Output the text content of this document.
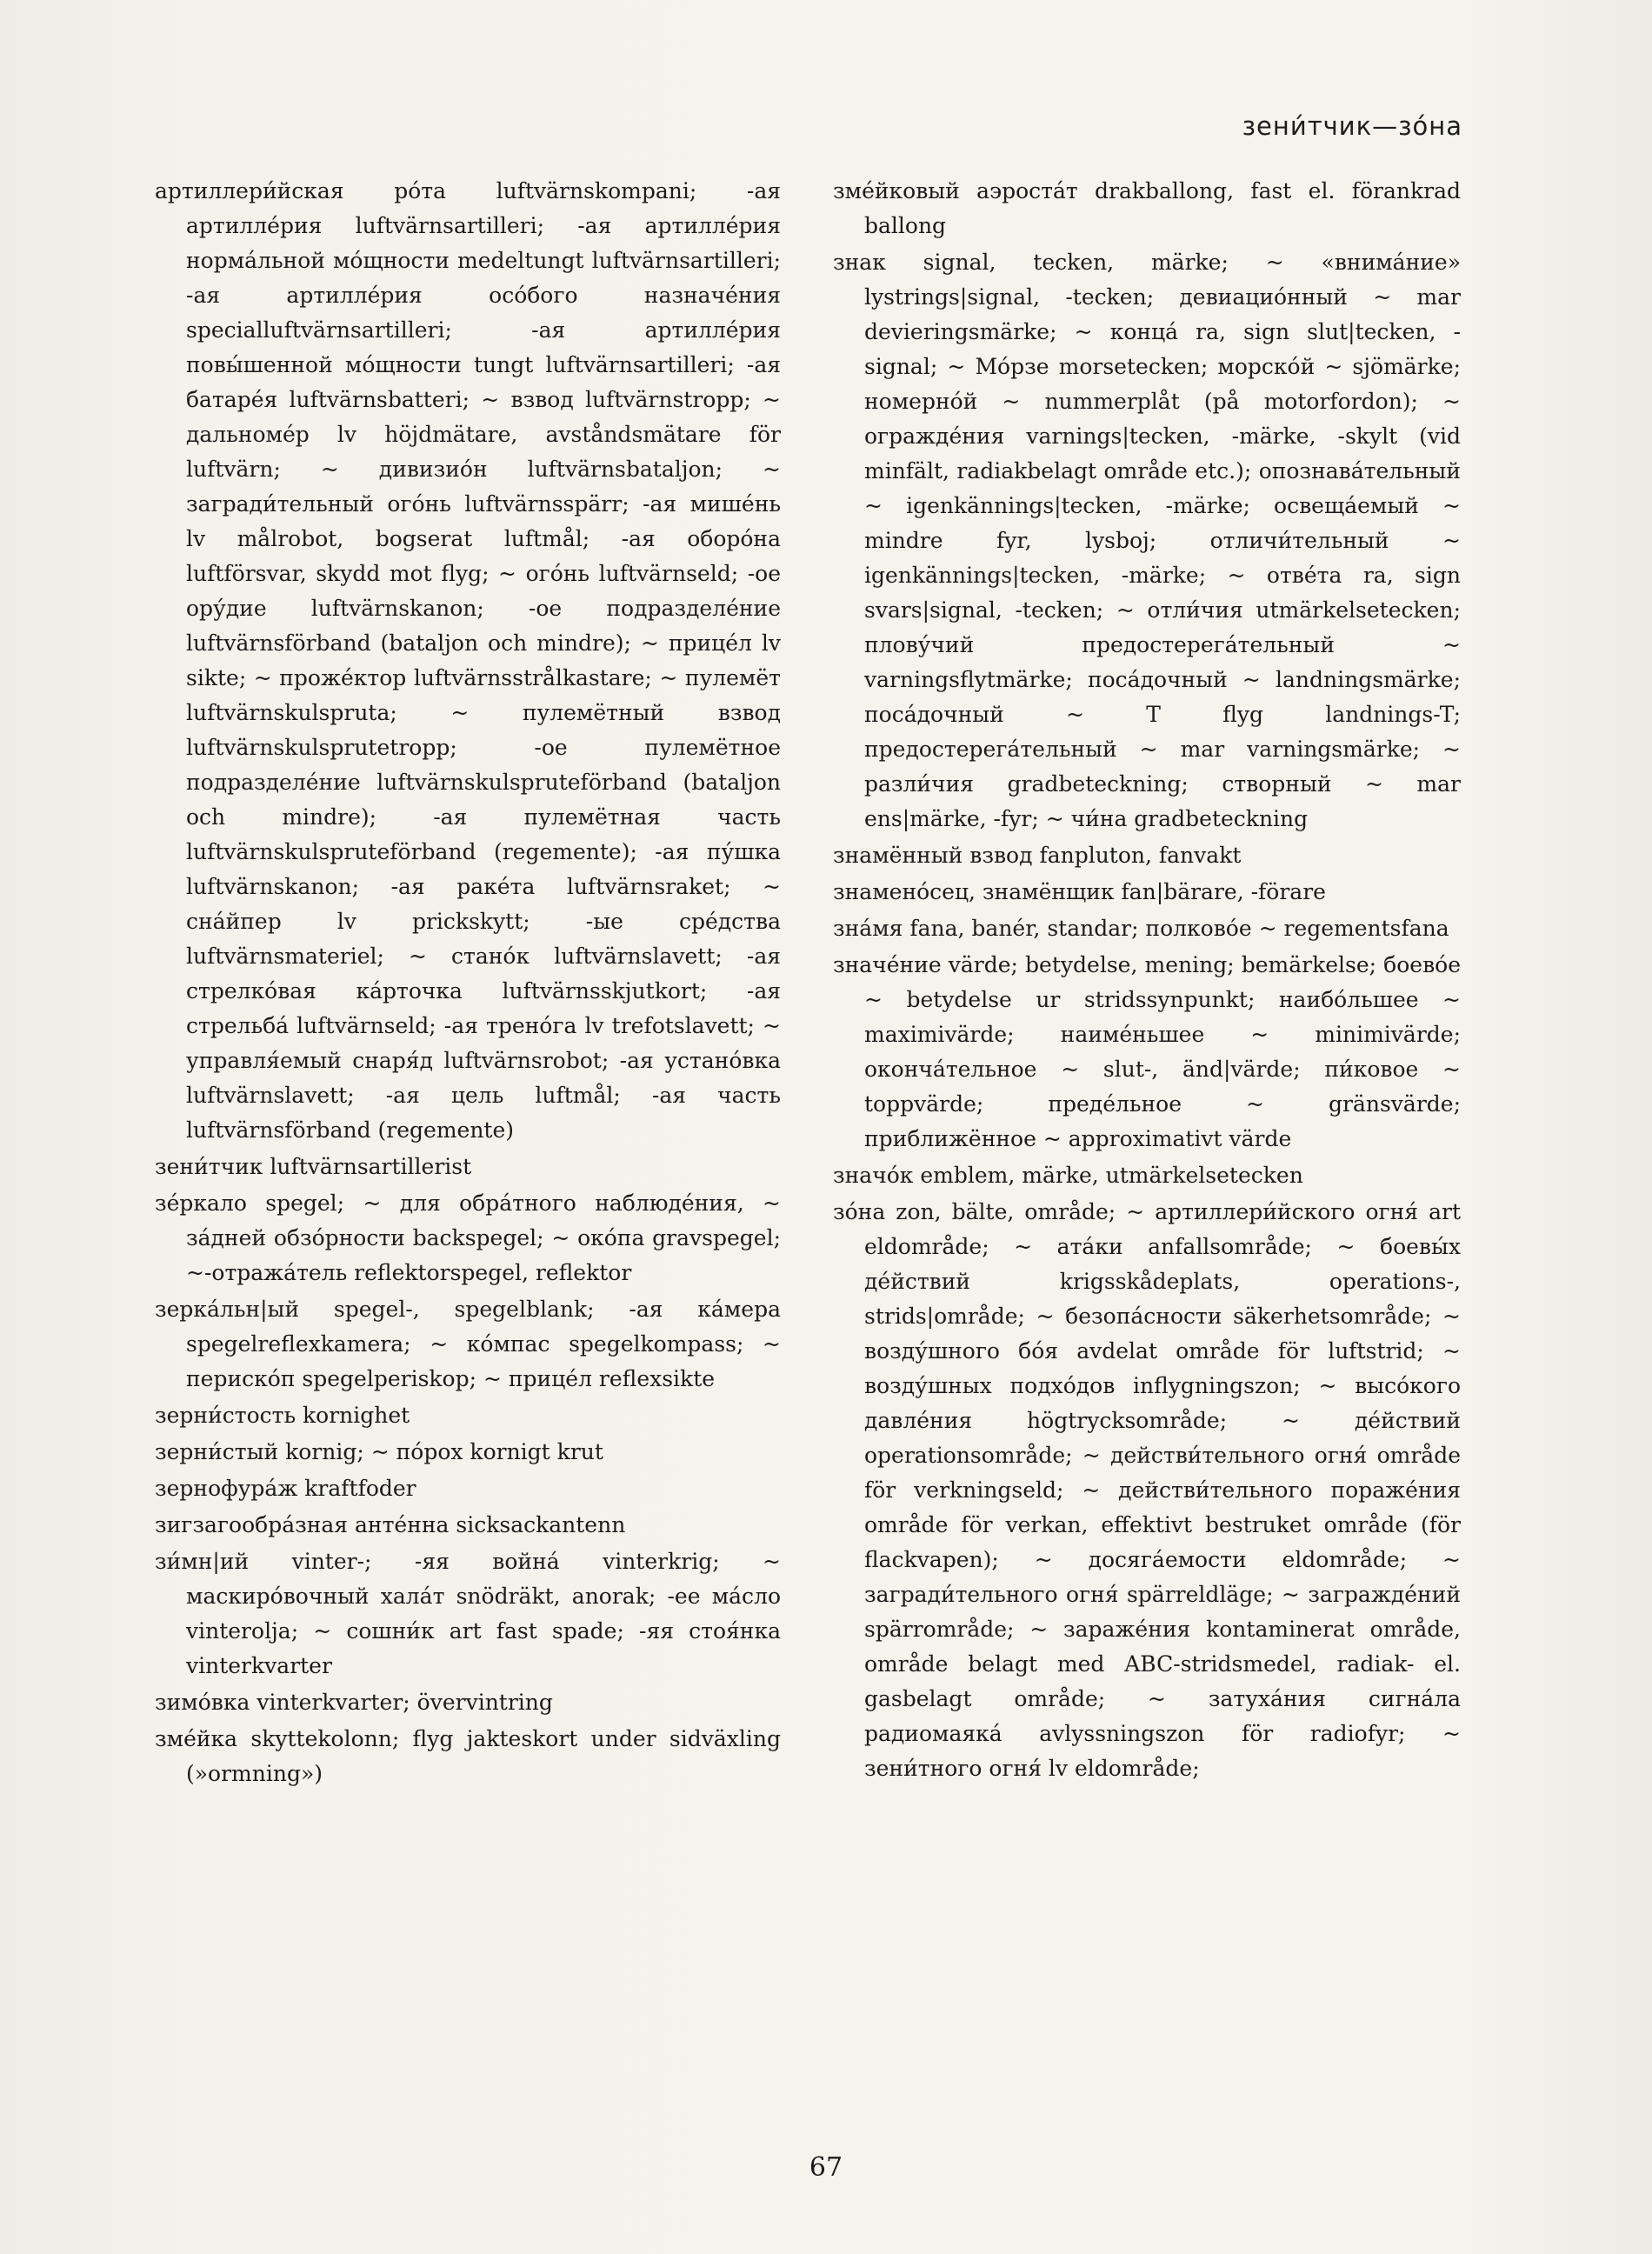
зени́тчик—зо́на

артиллери́йская ро́та luftvärnskompani; -ая артилле́рия luftvärnsartilleri; -ая артилле́рия норма́льной мо́щности medeltungt luftvärnsartilleri; -ая артилле́рия осо́бого назначе́ния specialluftvärnsartilleri; -ая артилле́рия повы́шенной мо́щности tungt luftvärnsartilleri; -ая батаре́я luftvärnsbatteri; ~ взвод luftvärnstropp; ~ дальноме́р lv höjdmätare, avståndsmätare för luftvärn; ~ дивизио́н luftvärnsbataljon; ~ загради́тельный ого́нь luftvärnsspärr; -ая мише́нь lv målrobot, bogserat luftmål; -ая оборо́на luftförsvar, skydd mot flyg; ~ ого́нь luftvärnseld; -ое ору́дие luftvärnskanon; -ое подразделе́ние luftvärnsförband (bataljon och mindre); ~ прице́л lv sikte; ~ проже́ктор luftvärnsstrålkastare; ~ пулемёт luftvärnskulspruta; ~ пулемётный взвод luftvärnskulsprutetropp; -ое пулемётное подразделе́ние luftvärnskulspruteförband (bataljon och mindre); -ая пулемётная часть luftvärnskulspruteförband (regemente); -ая пу́шка luftvärnskanon; -ая раке́та luftvärnsraket; ~ сна́йпер lv prickskytt; -ые сре́дства luftvärnsmateriel; ~ стано́к luftvärnslavett; -ая стрелко́вая ка́рточка luftvärnsskjutkort; -ая стрельба́ luftvärnseld; -ая трено́га lv trefotslavett; ~ управля́емый снаря́д luftvärnsrobot; -ая устано́вка luftvärnslavett; -ая цель luftmål; -ая часть luftvärnsförband (regemente)

зени́тчик luftvärnsartillerist

зе́ркало spegel; ~ для обра́тного наблюде́ния, ~ за́дней обзо́рности backspegel; ~ око́па gravspegel; ~-отража́тель reflektorspegel, reflektor

зерка́льн|ый spegel-, spegelblank; -ая ка́мера spegelreflexkamera; ~ ко́мпас spegelkompass; ~ периско́п spegelperiskop; ~ прице́л reflexsikte

зерни́стость kornighet

зерни́стый kornig; ~ по́рох kornigt krut

зернофура́ж kraftfoder

зигзагообра́зная анте́нна sicksackantenn

зи́мн|ий vinter-; -яя война́ vinterkrig; ~ маскиро́вочный хала́т snödräkt, anorak; -ее ма́сло vinterolja; ~ сошни́к art fast spade; -яя стоя́нка vinterkvarter

зимо́вка vinterkvarter; övervintring

зме́йка skyttekolonn; flyg jakteskort under sidväxling (»ormning»)

зме́йковый аэроста́т drakballong, fast el. förankrad ballong

знак signal, tecken, märke; ~ «внима́ние» lystrings|signal, -tecken; девиацио́нный ~ mar devieringsmärke; ~ конца́ ra, sign slut|tecken, -signal; ~ Мо́рзе morsetecken; морско́й ~ sjömärke; номерно́й ~ nummerplåt (på motorfordon); ~ огражде́ния varnings|tecken, -märke, -skylt (vid minfält, radiakbelagt område etc.); опознава́тельный ~ igenkännings|tecken, -märke; освеща́емый ~ mindre fyr, lysboj; отличи́тельный ~ igenkännings|tecken, -märke; ~ отве́та ra, sign svars|signal, -tecken; ~ отли́чия utmärkelsetecken; плову́чий предостерега́тельный ~ varningsflytmärke; поса́дочный ~ landningsmärke; поса́дочный ~ Т flyg landnings-T; предостерега́тельный ~ mar varningsmärke; ~ разли́чия gradbeteckning; створный ~ mar ens|märke, -fyr; ~ чи́на gradbeteckning

знамённый взвод fanpluton, fanvakt

знамено́сец, знамёнщик fan|bärare, -förare

зна́мя fana, banér, standar; полково́е ~ regementsfana

значе́ние värde; betydelse, mening; bemärkelse; боево́е ~ betydelse ur stridssynpunkt; наибо́льшее ~ maximivärde; наиме́ньшее ~ minimivärde; оконча́тельное ~ slut-, änd|värde; пи́ковое ~ toppvärde; преде́льное ~ gränsvärde; приближённое ~ approximativt värde

значо́к emblem, märke, utmärkelsetecken

зо́на zon, bälte, område; ~ артиллери́йского огня́ art eldområde; ~ ата́ки anfallsområde; ~ боевы́х де́йствий krigsskådeplats, operations-, strids|område; ~ безопа́сности säkerhetsområde; ~ возду́шного бо́я avdelat område för luftstrid; ~ возду́шных подхо́дов inflygningszon; ~ высо́кого давле́ния högtrycksområde; ~ де́йствий operationsområde; ~ действи́тельного огня́ område för verkningseld; ~ действи́тельного пораже́ния område för verkan, effektivt bestruket område (för flackvapen); ~ досяга́емости eldområde; ~ загради́тельного огня́ spärreldläge; ~ загражде́ний spärrområde; ~ зараже́ния kontaminerat område, område belagt med ABC-stridsmedel, radiak- el. gasbelagt område; ~ затуха́ния сигна́ла радиомаяка́ avlyssningszon för radiofyr; ~ зени́тного огня́ lv eldområde;

67
